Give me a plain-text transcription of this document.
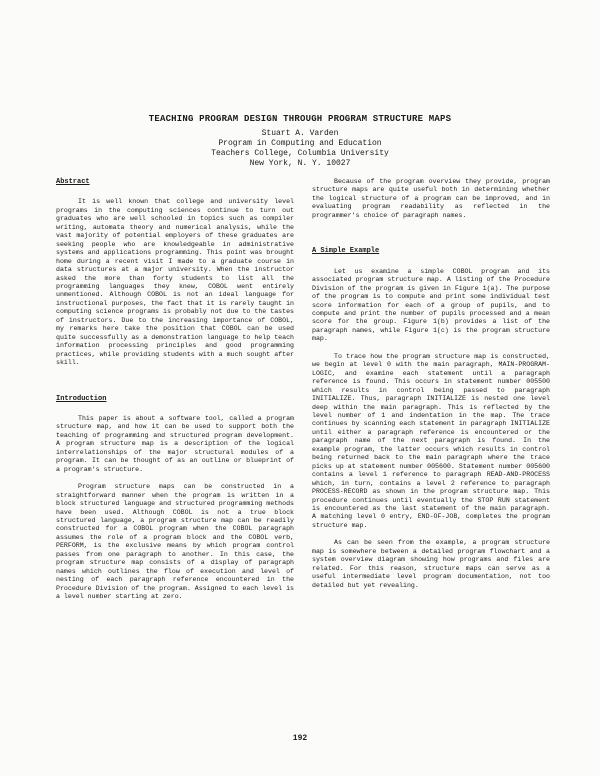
TEACHING PROGRAM DESIGN THROUGH PROGRAM STRUCTURE MAPS
Stuart A. Varden
Program in Computing and Education
Teachers College, Columbia University
New York, N. Y. 10027
Abstract

It is well known that college and university level programs in the computing sciences continue to turn out graduates who are well schooled in topics such as compiler writing, automata theory and numerical analysis, while the vast majority of potential employers of these graduates are seeking people who are knowledgeable in administrative systems and applications programming. This point was brought home during a recent visit I made to a graduate course in data structures at a major university. When the instructor asked the more than forty students to list all the programming languages they knew, COBOL went entirely unmentioned. Although COBOL is not an ideal language for instructional purposes, the fact that it is rarely taught in computing science programs is probably not due to the tastes of instructors. Due to the increasing importance of COBOL, my remarks here take the position that COBOL can be used quite successfully as a demonstration language to help teach information processing principles and good programming practices, while providing students with a much sought after skill.

Introduction

This paper is about a software tool, called a program structure map, and how it can be used to support both the teaching of programming and structured program development. A program structure map is a description of the logical interrelationships of the major structural modules of a program. It can be thought of as an outline or blueprint of a program's structure.

Program structure maps can be constructed in a straightforward manner when the program is written in a block structured language and structured programming methods have been used. Although COBOL is not a true block structured language, a program structure map can be readily constructed for a COBOL program when the COBOL paragraph assumes the role of a program block and the COBOL verb, PERFORM, is the exclusive means by which program control passes from one paragraph to another. In this case, the program structure map consists of a display of paragraph names which outlines the flow of execution and level of nesting of each paragraph reference encountered in the Procedure Division of the program. Assigned to each level is a level number starting at zero.

Because of the program overview they provide, program structure maps are quite useful both in determining whether the logical structure of a program can be improved, and in evaluating program readability as reflected in the programmer's choice of paragraph names.

A Simple Example

Let us examine a simple COBOL program and its associated program structure map. A listing of the Procedure Division of the program is given in Figure 1(a). The purpose of the program is to compute and print some individual test score information for each of a group of pupils, and to compute and print the number of pupils processed and a mean score for the group. Figure 1(b) provides a list of the paragraph names, while Figure 1(c) is the program structure map.

To trace how the program structure map is constructed, we begin at level 0 with the main paragraph, MAIN-PROGRAM-LOGIC, and examine each statement until a paragraph reference is found. This occurs in statement number 005500 which results in control being passed to paragraph INITIALIZE. Thus, paragraph INITIALIZE is nested one level deep within the main paragraph. This is reflected by the level number of 1 and indentation in the map. The trace continues by scanning each statement in paragraph INITIALIZE until either a paragraph reference is encountered or the paragraph name of the next paragraph is found. In the example program, the latter occurs which results in control being returned back to the main paragraph where the trace picks up at statement number 005600. Statement number 005600 contains a level 1 reference to paragraph READ-AND-PROCESS which, in turn, contains a level 2 reference to paragraph PROCESS-RECORD as shown in the program structure map. This procedure continues until eventually the STOP RUN statement is encountered as the last statement of the main paragraph. A matching level 0 entry, END-OF-JOB, completes the program structure map.

As can be seen from the example, a program structure map is somewhere between a detailed program flowchart and a system overview diagram showing how programs and files are related. For this reason, structure maps can serve as a useful intermediate level program documentation, not too detailed but yet revealing.

192
